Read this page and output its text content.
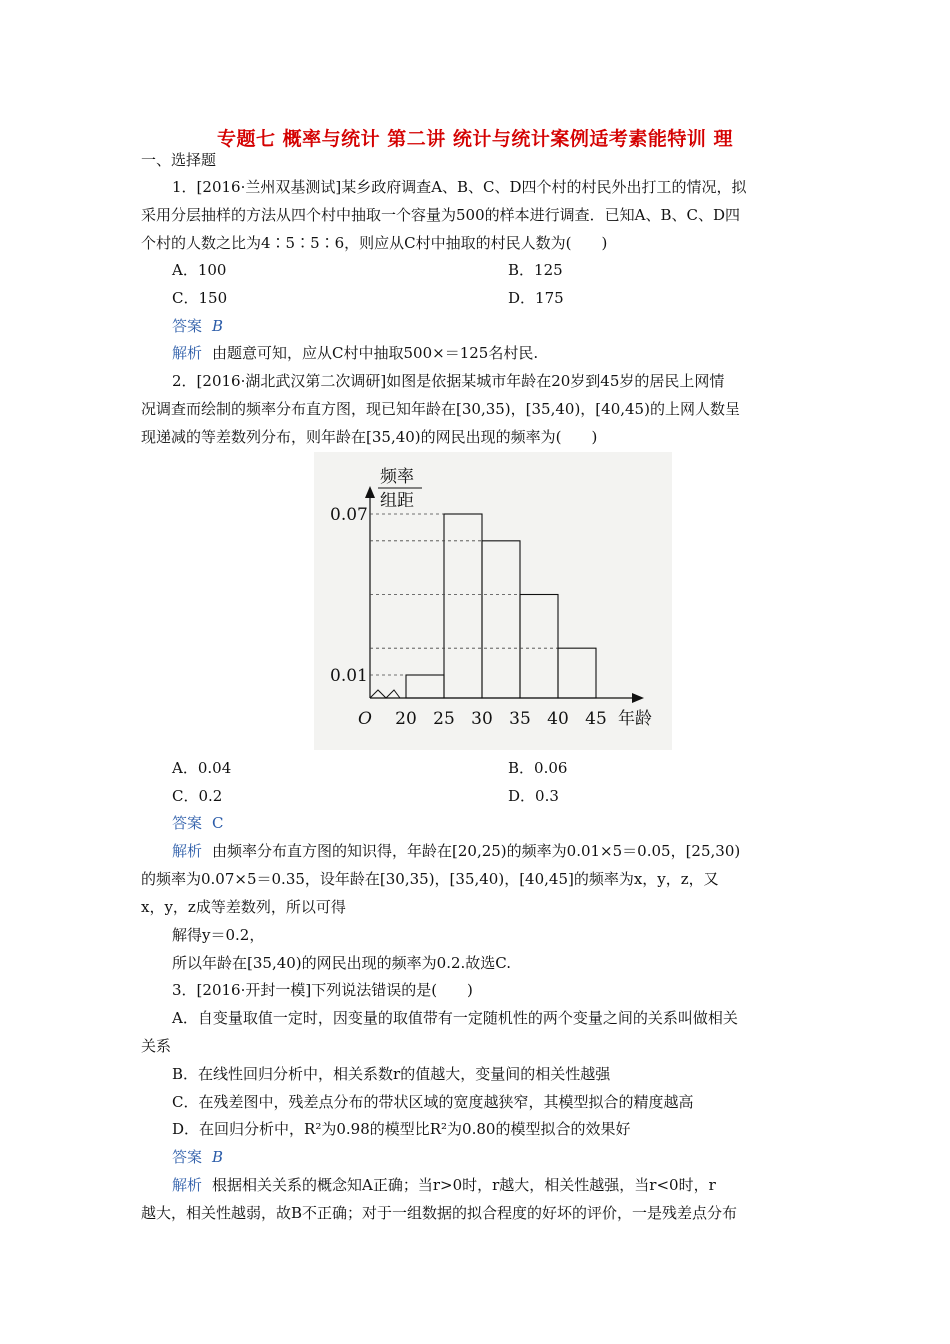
专题七 概率与统计 第二讲 统计与统计案例适考素能特训 理
一、选择题
1．[2016·兰州双基测试]某乡政府调查A、B、C、D四个村的村民外出打工的情况，拟
采用分层抽样的方法从四个村中抽取一个容量为500的样本进行调查．已知A、B、C、D四
个村的人数之比为4∶5∶5∶6，则应从C村中抽取的村民人数为(　　)
A．100	B．125
C．150	D．175
答案 B
解析 由题意可知，应从C村中抽取500×＝125名村民.
2．[2016·湖北武汉第二次调研]如图是依据某城市年龄在20岁到45岁的居民上网情
况调查而绘制的频率分布直方图，现已知年龄在[30,35)，[35,40)，[40,45)的上网人数呈
现递减的等差数列分布，则年龄在[35,40)的网民出现的频率为(　　)
0.07
0.01
频率
组距
O 20 25 30 35 40 45 年龄
A．0.04	B．0.06
C．0.2	D．0.3
答案 C
解析 由频率分布直方图的知识得，年龄在[20,25)的频率为0.01×5＝0.05，[25,30)
的频率为0.07×5＝0.35，设年龄在[30,35)，[35,40)，[40,45]的频率为x，y，z，又
x，y，z成等差数列，所以可得
解得y＝0.2，
所以年龄在[35,40)的网民出现的频率为0.2.故选C.
3．[2016·开封一模]下列说法错误的是(　　)
A．自变量取值一定时，因变量的取值带有一定随机性的两个变量之间的关系叫做相关
关系
B．在线性回归分析中，相关系数r的值越大，变量间的相关性越强
C．在残差图中，残差点分布的带状区域的宽度越狭窄，其模型拟合的精度越高
D．在回归分析中，R²为0.98的模型比R²为0.80的模型拟合的效果好
答案 B
解析 根据相关关系的概念知A正确；当r>0时，r越大，相关性越强，当r<0时，r
越大，相关性越弱，故B不正确；对于一组数据的拟合程度的好坏的评价，一是残差点分布
